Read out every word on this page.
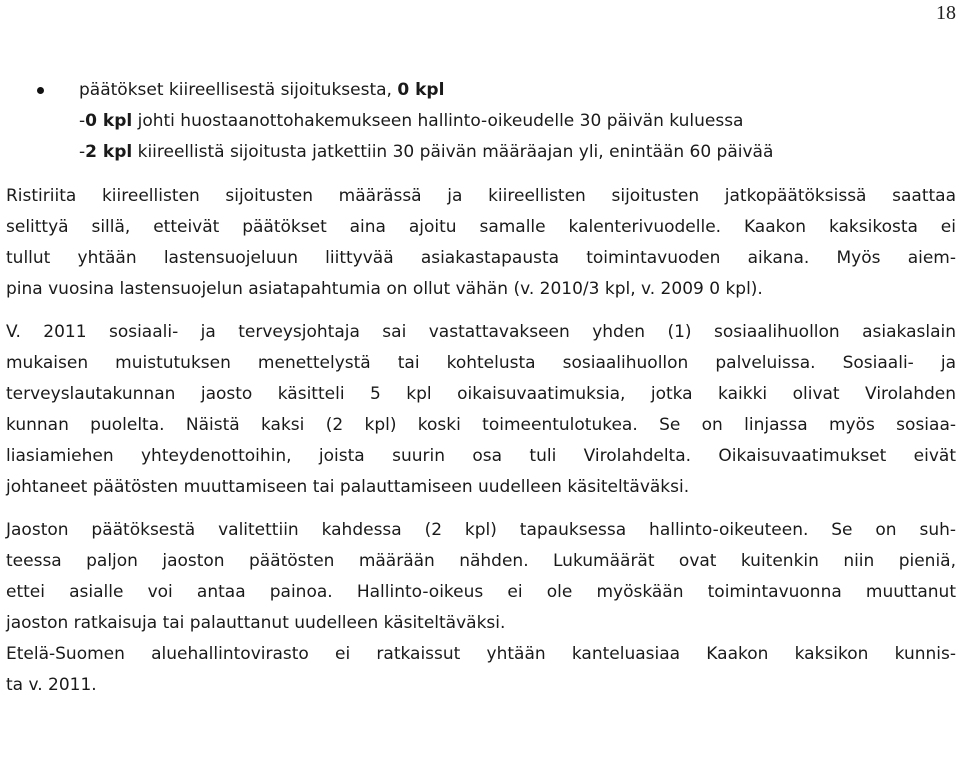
18
päätökset kiireellisestä sijoituksesta, 0 kpl
-0 kpl johti huostaanottohakemukseen hallinto-oikeudelle 30 päivän kuluessa
-2 kpl kiireellistä sijoitusta jatkettiin 30 päivän määräajan yli, enintään 60 päivää
Ristiriita kiireellisten sijoitusten määrässä ja kiireellisten sijoitusten jatkopäätöksissä saattaa
selittyä sillä, etteivät päätökset aina ajoitu samalle kalenterivuodelle. Kaakon kaksikosta ei
tullut yhtään lastensuojeluun liittyvää asiakastapausta toimintavuoden aikana. Myös aiem-
pina vuosina lastensuojelun asiatapahtumia on ollut vähän (v. 2010/3 kpl, v. 2009 0 kpl).
V. 2011 sosiaali- ja terveysjohtaja sai vastattavakseen yhden (1) sosiaalihuollon asiakaslain
mukaisen muistutuksen menettelystä tai kohtelusta sosiaalihuollon palveluissa. Sosiaali- ja
terveyslautakunnan jaosto käsitteli 5 kpl oikaisuvaatimuksia, jotka kaikki olivat Virolahden
kunnan puolelta. Näistä kaksi (2 kpl) koski toimeentulotukea. Se on linjassa myös sosiaa-
liasiamiehen yhteydenottoihin, joista suurin osa tuli Virolahdelta. Oikaisuvaatimukset eivät
johtaneet päätösten muuttamiseen tai palauttamiseen uudelleen käsiteltäväksi.
Jaoston päätöksestä valitettiin kahdessa (2 kpl) tapauksessa hallinto-oikeuteen. Se on suh-
teessa paljon jaoston päätösten määrään nähden. Lukumäärät ovat kuitenkin niin pieniä,
ettei asialle voi antaa painoa. Hallinto-oikeus ei ole myöskään toimintavuonna muuttanut
jaoston ratkaisuja tai palauttanut uudelleen käsiteltäväksi.
Etelä-Suomen aluehallintovirasto ei ratkaissut yhtään kanteluasiaa Kaakon kaksikon kunnis-
ta v. 2011.
